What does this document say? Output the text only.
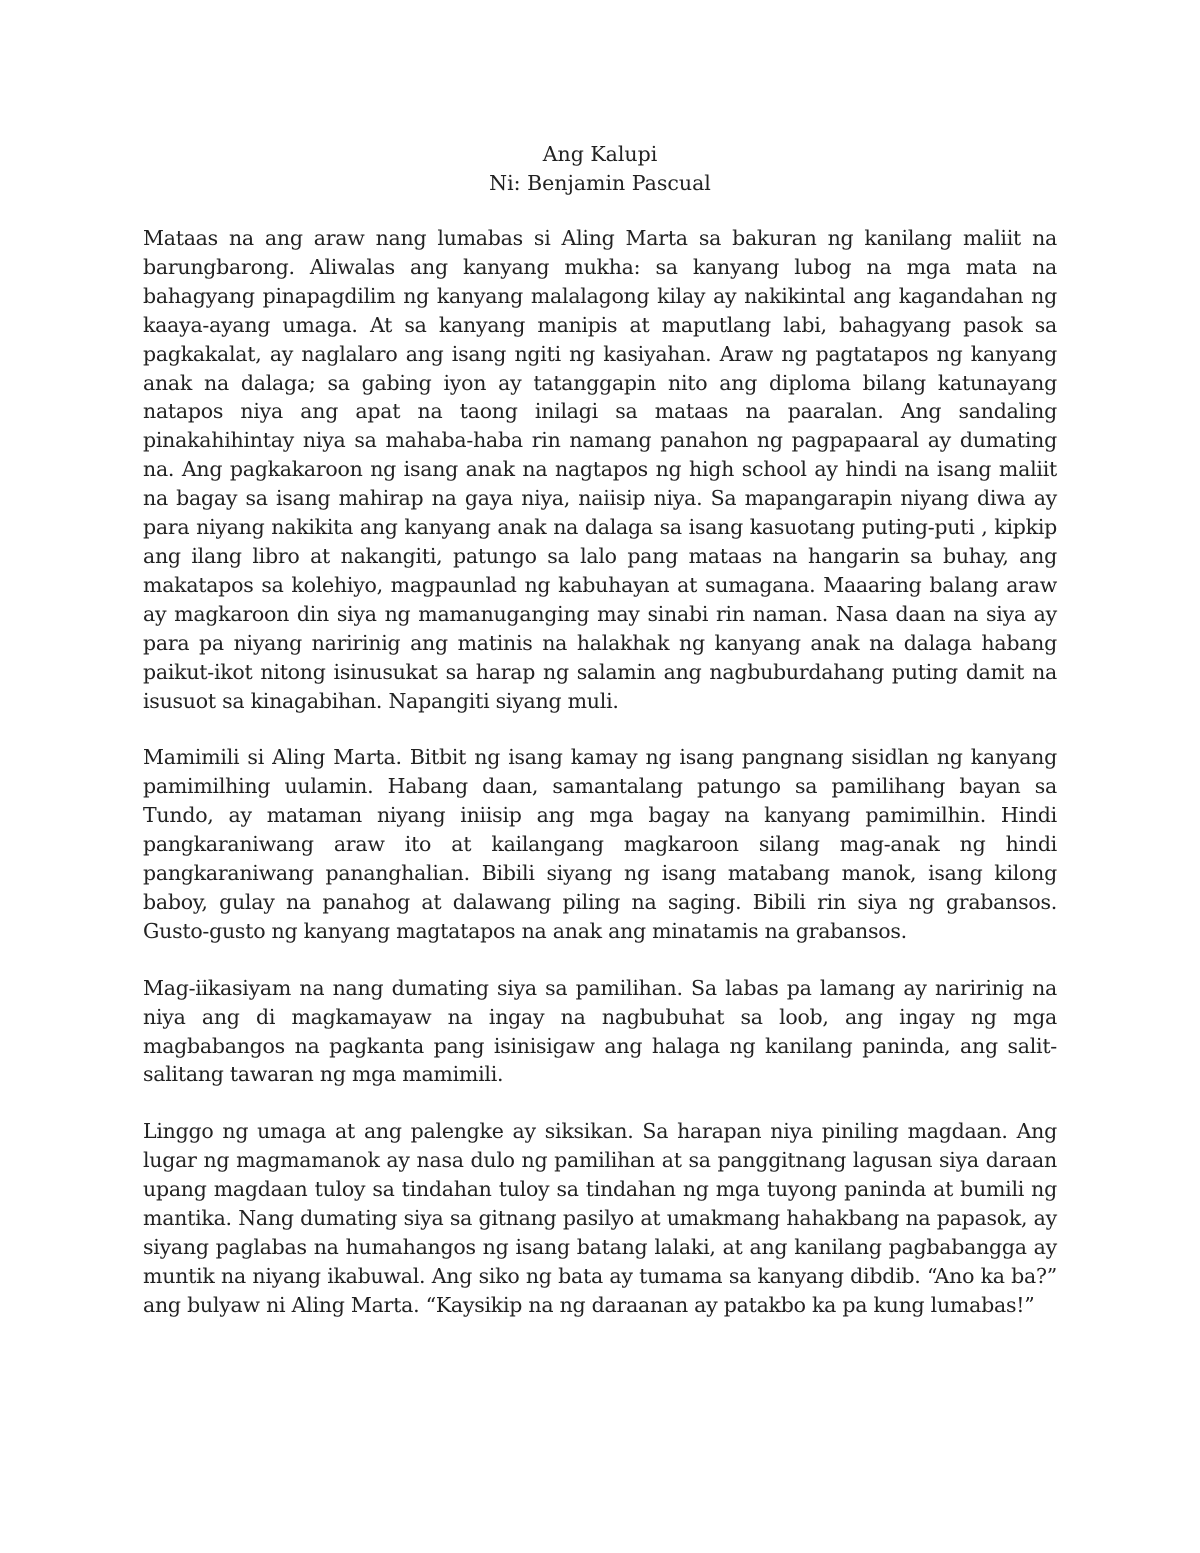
Ang Kalupi
Ni: Benjamin Pascual

Mataas na ang araw nang lumabas si Aling Marta sa bakuran ng kanilang maliit na barungbarong. Aliwalas ang kanyang mukha: sa kanyang lubog na mga mata na bahagyang pinapagdilim ng kanyang malalagong kilay ay nakikintal ang kagandahan ng kaaya-ayang umaga. At sa kanyang manipis at maputlang labi, bahagyang pasok sa pagkakalat, ay naglalaro ang isang ngiti ng kasiyahan. Araw ng pagtatapos ng kanyang anak na dalaga; sa gabing iyon ay tatanggapin nito ang diploma bilang katunayang natapos niya ang apat na taong inilagi sa mataas na paaralan. Ang sandaling pinakahihintay niya sa mahaba-haba rin namang panahon ng pagpapaaral ay dumating na. Ang pagkakaroon ng isang anak na nagtapos ng high school ay hindi na isang maliit na bagay sa isang mahirap na gaya niya, naiisip niya. Sa mapangarapin niyang diwa ay para niyang nakikita ang kanyang anak na dalaga sa isang kasuotang puting-puti , kipkip ang ilang libro at nakangiti, patungo sa lalo pang mataas na hangarin sa buhay, ang makatapos sa kolehiyo, magpaunlad ng kabuhayan at sumagana. Maaaring balang araw ay magkaroon din siya ng mamanuganging may sinabi rin naman. Nasa daan na siya ay para pa niyang naririnig ang matinis na halakhak ng kanyang anak na dalaga habang paikut-ikot nitong isinusukat sa harap ng salamin ang nagbuburdahang puting damit na isusuot sa kinagabihan. Napangiti siyang muli.

Mamimili si Aling Marta. Bitbit ng isang kamay ng isang pangnang sisidlan ng kanyang pamimilhing uulamin. Habang daan, samantalang patungo sa pamilihang bayan sa Tundo, ay mataman niyang iniisip ang mga bagay na kanyang pamimilhin. Hindi pangkaraniwang araw ito at kailangang magkaroon silang mag-anak ng hindi pangkaraniwang pananghalian. Bibili siyang ng isang matabang manok, isang kilong baboy, gulay na panahog at dalawang piling na saging. Bibili rin siya ng grabansos. Gusto-gusto ng kanyang magtatapos na anak ang minatamis na grabansos.

Mag-iikasiyam na nang dumating siya sa pamilihan. Sa labas pa lamang ay naririnig na niya ang di magkamayaw na ingay na nagbubuhat sa loob, ang ingay ng mga magbabangos na pagkanta pang isinisigaw ang halaga ng kanilang paninda, ang salit-salitang tawaran ng mga mamimili.

Linggo ng umaga at ang palengke ay siksikan. Sa harapan niya piniling magdaan. Ang lugar ng magmamanok ay nasa dulo ng pamilihan at sa panggitnang lagusan siya daraan upang magdaan tuloy sa tindahan tuloy sa tindahan ng mga tuyong paninda at bumili ng mantika. Nang dumating siya sa gitnang pasilyo at umakmang hahakbang na papasok, ay siyang paglabas na humahangos ng isang batang lalaki, at ang kanilang pagbabangga ay muntik na niyang ikabuwal. Ang siko ng bata ay tumama sa kanyang dibdib. “Ano ka ba?” ang bulyaw ni Aling Marta. “Kaysikip na ng daraanan ay patakbo ka pa kung lumabas!”
